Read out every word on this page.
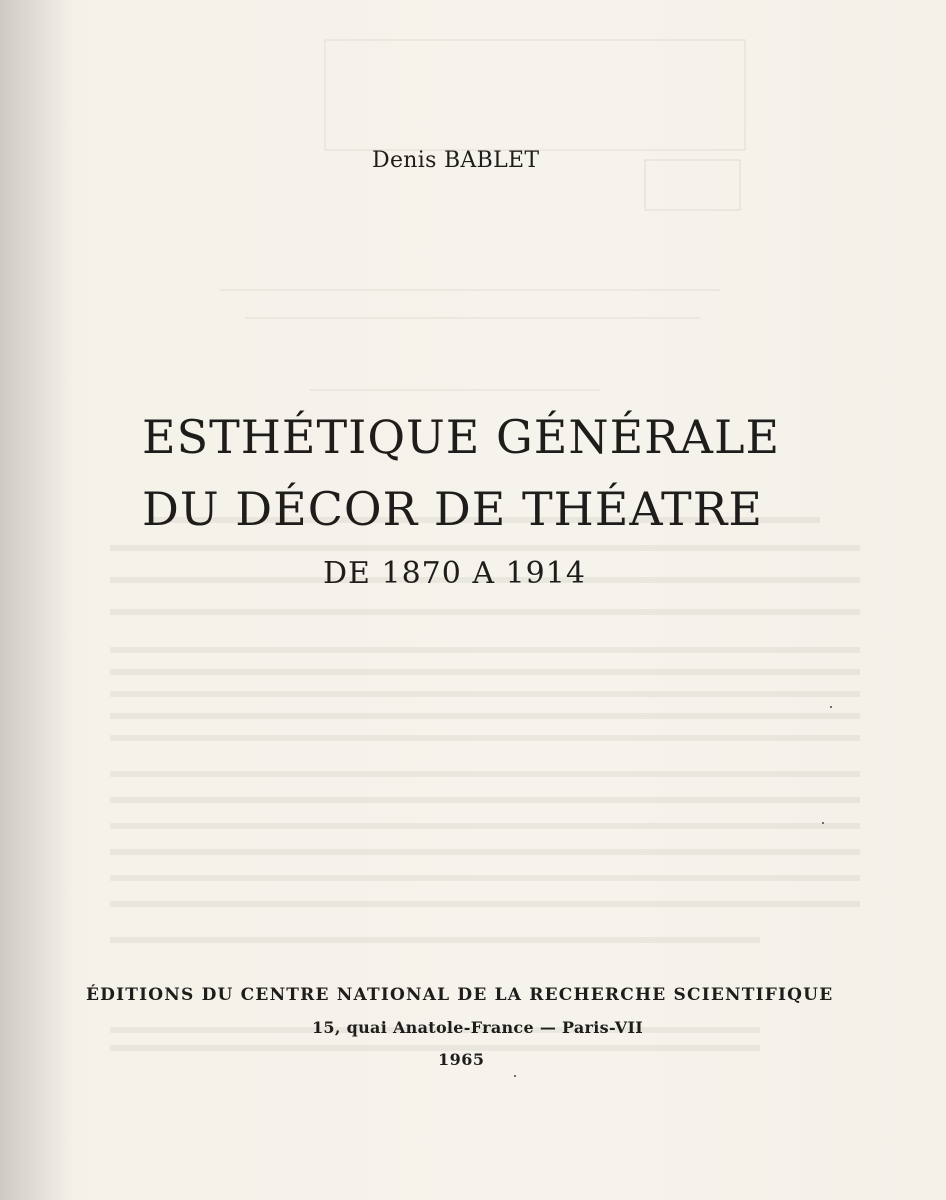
Denis BABLET
ESTHÉTIQUE GÉNÉRALE
DU DÉCOR DE THÉATRE
DE 1870 A 1914
ÉDITIONS DU CENTRE NATIONAL DE LA RECHERCHE SCIENTIFIQUE
15, quai Anatole-France — Paris-VII
1965
